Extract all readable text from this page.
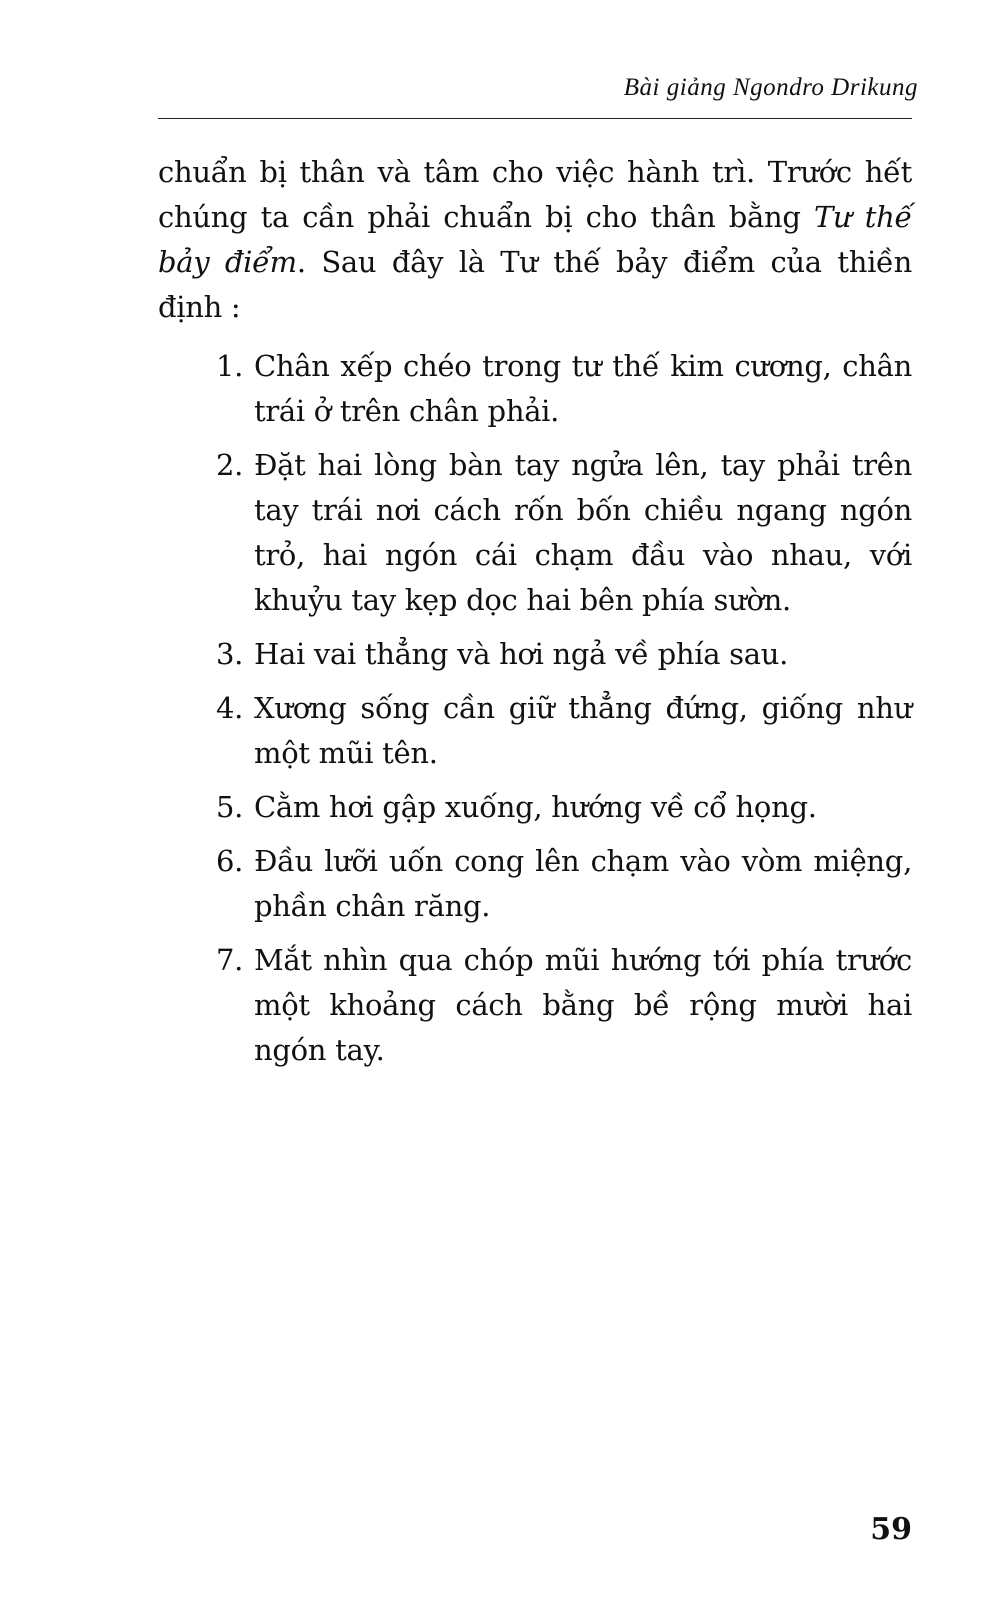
Bài giảng Ngondro Drikung

chuẩn bị thân và tâm cho việc hành trì. Trước hết chúng ta cần phải chuẩn bị cho thân bằng Tư thế bảy điểm. Sau đây là Tư thế bảy điểm của thiền định :

1. Chân xếp chéo trong tư thế kim cương, chân trái ở trên chân phải.
2. Đặt hai lòng bàn tay ngửa lên, tay phải trên tay trái nơi cách rốn bốn chiều ngang ngón trỏ, hai ngón cái chạm đầu vào nhau, với khuỷu tay kẹp dọc hai bên phía sườn.
3. Hai vai thẳng và hơi ngả về phía sau.
4. Xương sống cần giữ thẳng đứng, giống như một mũi tên.
5. Cằm hơi gập xuống, hướng về cổ họng.
6. Đầu lưỡi uốn cong lên chạm vào vòm miệng, phần chân răng.
7. Mắt nhìn qua chóp mũi hướng tới phía trước một khoảng cách bằng bề rộng mười hai ngón tay.
59
